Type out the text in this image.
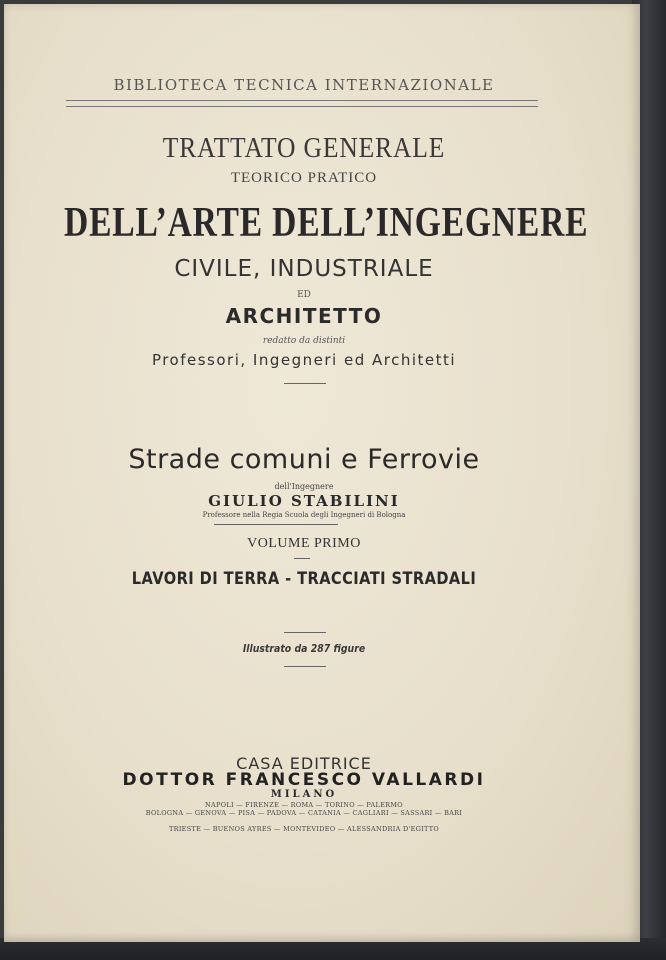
BIBLIOTECA TECNICA INTERNAZIONALE
TRATTATO GENERALE
TEORICO PRATICO
DELL’ARTE DELL’INGEGNERE
CIVILE, INDUSTRIALE
ED
ARCHITETTO
redatto da distinti
Professori, Ingegneri ed Architetti
Strade comuni e Ferrovie
dell'Ingegnere
GIULIO STABILINI
Professore nella Regia Scuola degli Ingegneri di Bologna
VOLUME PRIMO
LAVORI DI TERRA - TRACCIATI STRADALI
Illustrato da 287 figure
CASA EDITRICE
DOTTOR FRANCESCO VALLARDI
MILANO
NAPOLI — FIRENZE — ROMA — TORINO — PALERMO
BOLOGNA — GENOVA — PISA — PADOVA — CATANIA — CAGLIARI — SASSARI — BARI
TRIESTE — BUENOS AYRES — MONTEVIDEO — ALESSANDRIA D'EGITTO
